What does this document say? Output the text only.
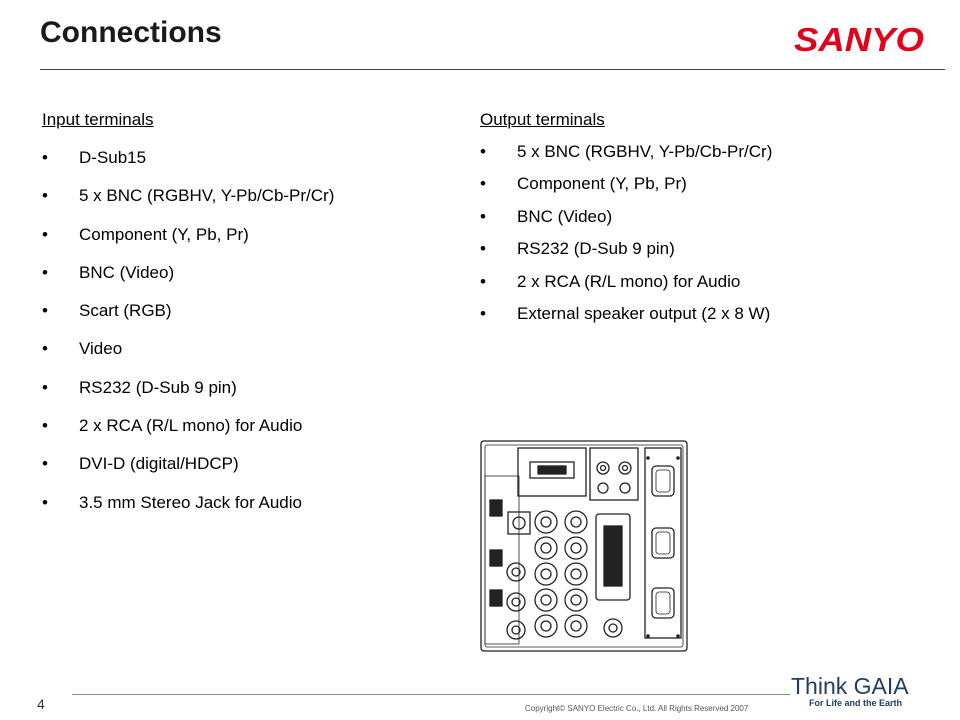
Connections	SANYO

Input terminals

• D-Sub15
• 5 x BNC (RGBHV, Y-Pb/Cb-Pr/Cr)
• Component (Y, Pb, Pr)
• BNC (Video)
• Scart (RGB)
• Video
• RS232 (D-Sub 9 pin)
• 2 x RCA (R/L mono) for Audio
• DVI-D (digital/HDCP)
• 3.5 mm Stereo Jack for Audio

Output terminals

• 5 x BNC (RGBHV, Y-Pb/Cb-Pr/Cr)
• Component (Y, Pb, Pr)
• BNC (Video)
• RS232 (D-Sub 9 pin)
• 2 x RCA (R/L mono) for Audio
• External speaker output (2 x 8 W)
4	Copyright© SANYO Electric Co., Ltd. All Rights Reserved 2007
Think GAIA
For Life and the Earth
